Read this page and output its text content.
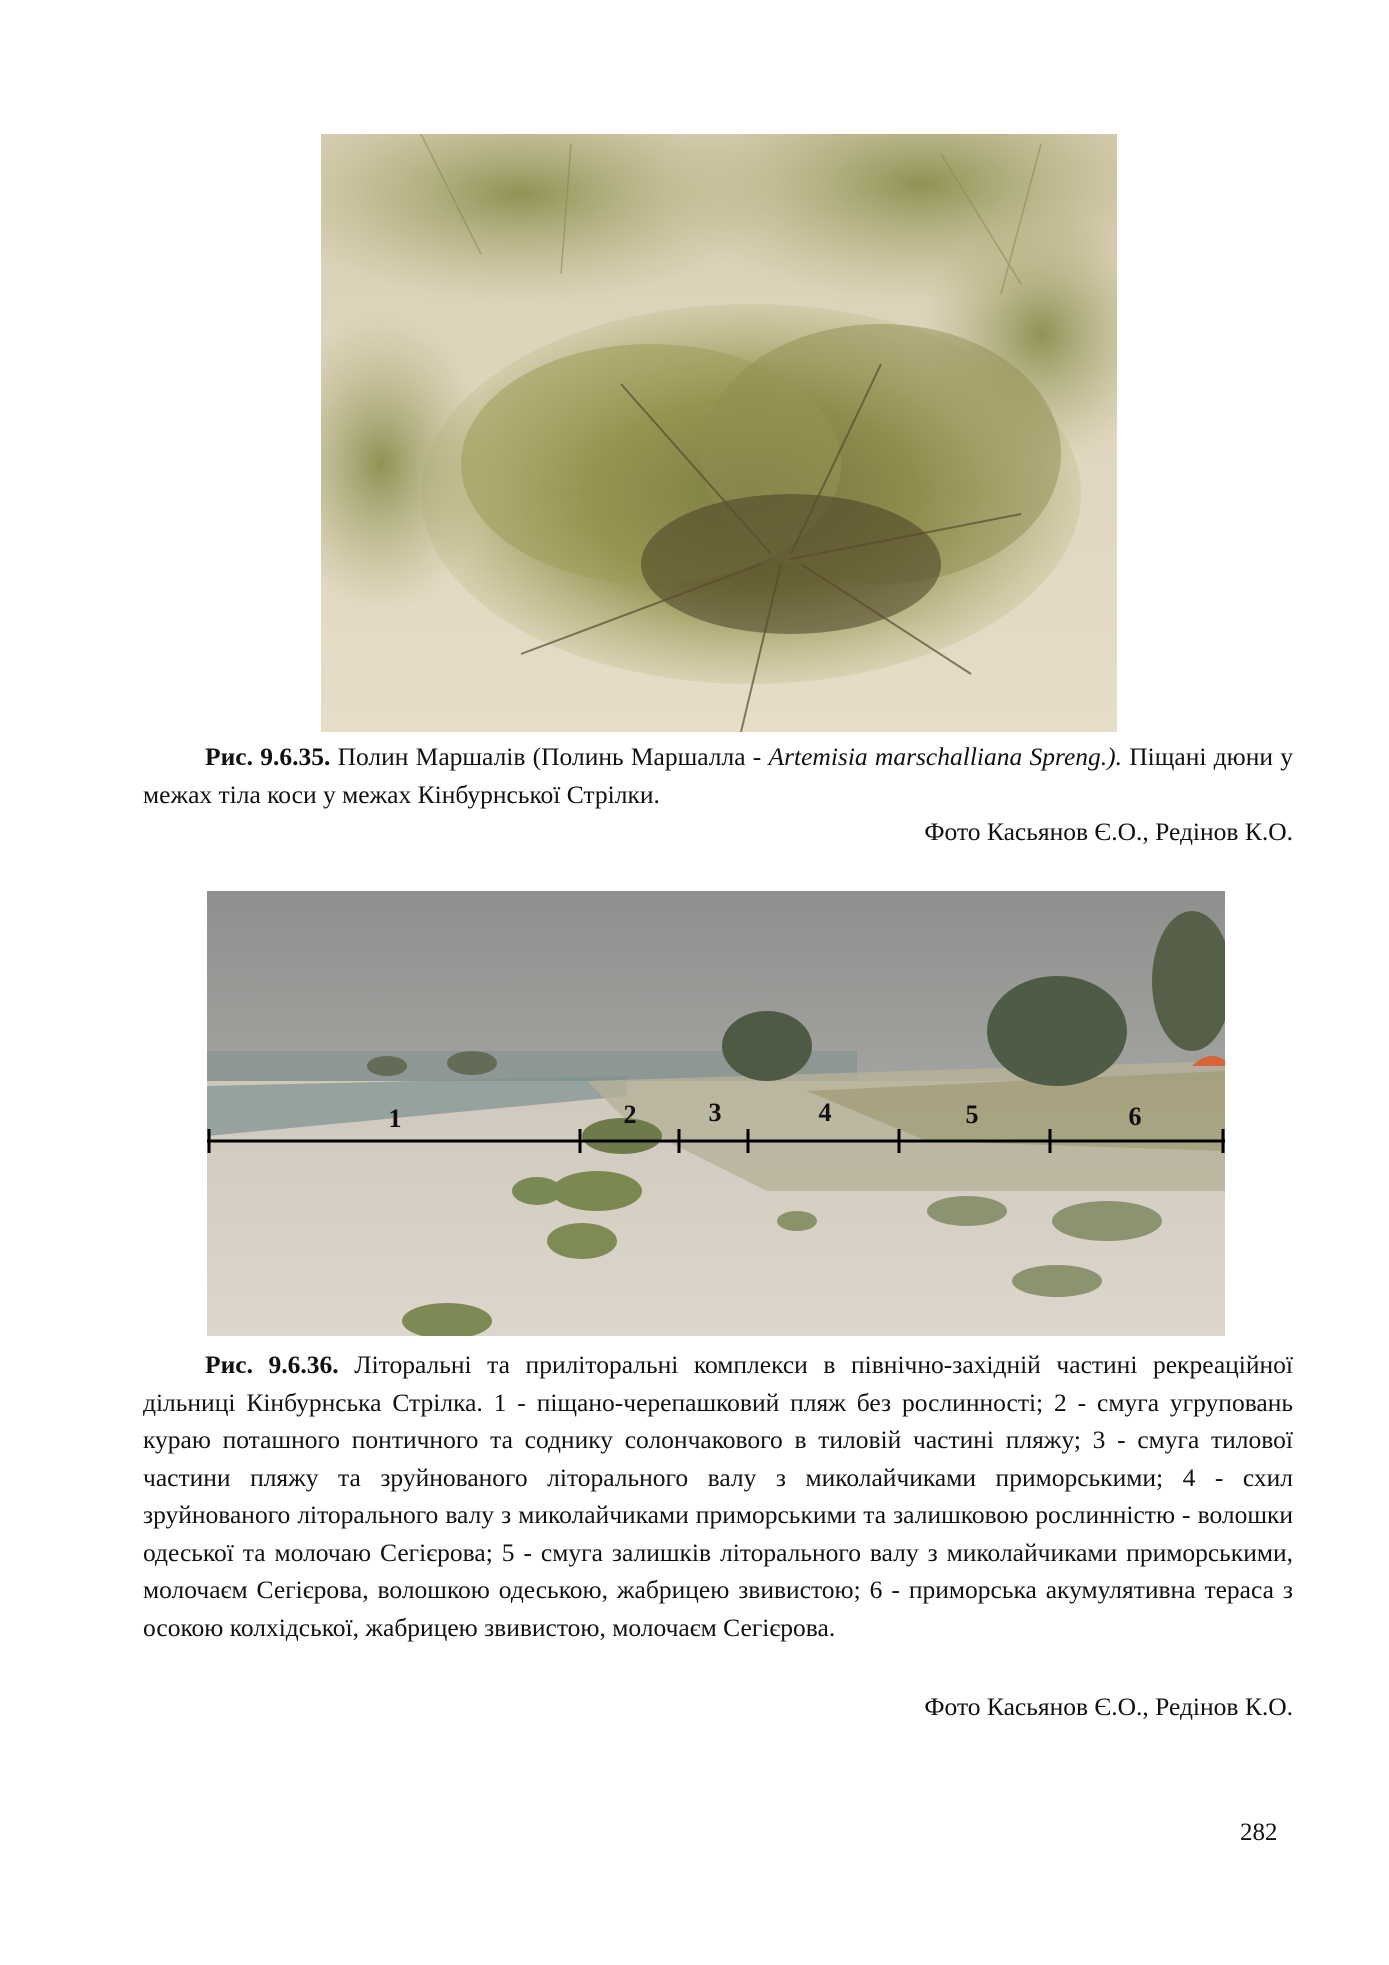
Рис. 9.6.35. Полин Маршалів (Полинь Маршалла - Artemisia marschalliana Spreng.). Піщані дюни у межах тіла коси у межах Кінбурнської Стрілки.

Фото Касьянов Є.О., Редінов К.О.
1	2	3	4	5	6

Рис. 9.6.36. Літоральні та приліторальні комплекси в північно-західній частині рекреаційної дільниці Кінбурнська Стрілка. 1 - піщано-черепашковий пляж без рослинності; 2 - смуга угруповань кураю поташного понтичного та соднику солончакового в тиловій частині пляжу; 3 - смуга тилової частини пляжу та зруйнованого літорального валу з миколайчиками приморськими; 4 - схил зруйнованого літорального валу з миколайчиками приморськими та залишковою рослинністю - волошки одеської та молочаю Сегієрова; 5 - смуга залишків літорального валу з миколайчиками приморськими, молочаєм Сегієрова, волошкою одеською, жабрицею звивистою; 6 - приморська акумулятивна тераса з осокою колхідської, жабрицею звивистою, молочаєм Сегієрова.

Фото Касьянов Є.О., Редінов К.О.
282
